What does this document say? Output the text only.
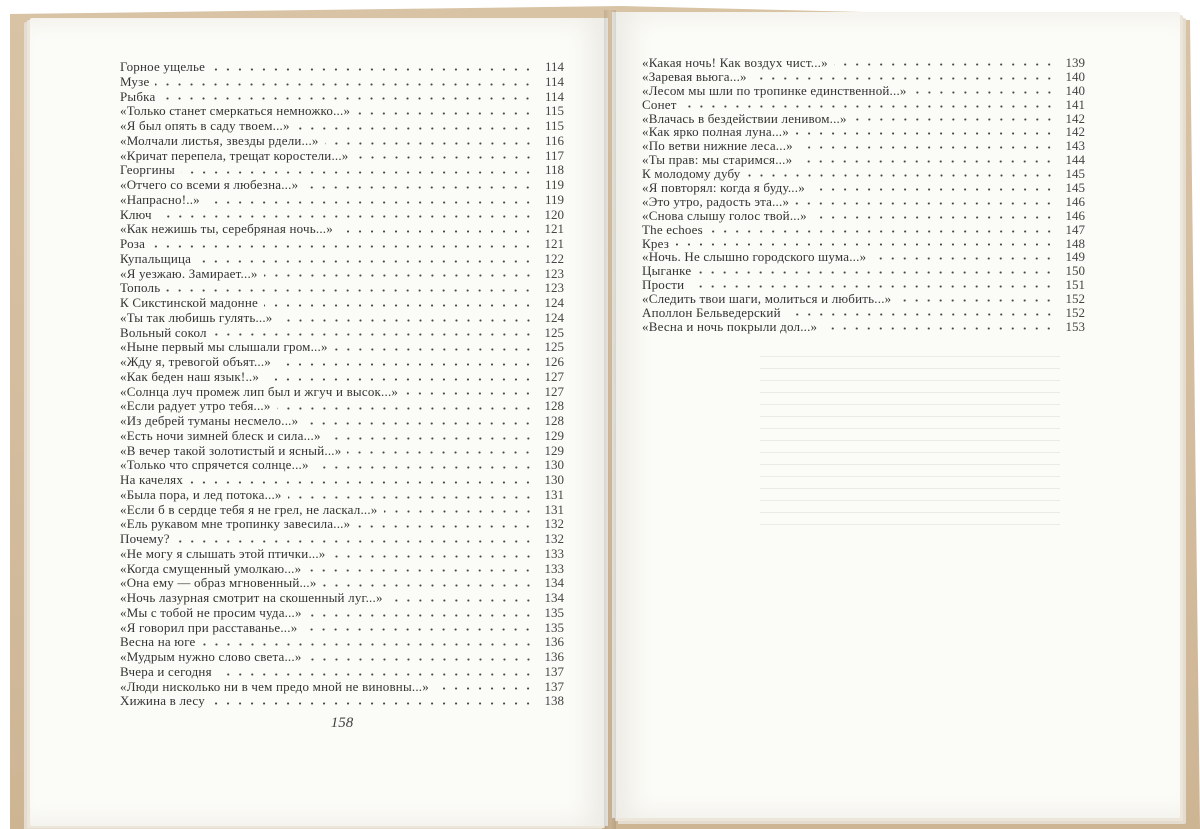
Горное ущелье	114
Музе	114
Рыбка	114
«Только станет смеркаться немножко...»	115
«Я был опять в саду твоем...»	115
«Молчали листья, звезды рдели...»	116
«Кричат перепела, трещат коростели...»	117
Георгины	118
«Отчего со всеми я любезна...»	119
«Напрасно!..»	119
Ключ	120
«Как нежишь ты, серебряная ночь...»	121
Роза	121
Купальщица	122
«Я уезжаю. Замирает...»	123
Тополь	123
К Сикстинской мадонне	124
«Ты так любишь гулять...»	124
Вольный сокол	125
«Ныне первый мы слышали гром...»	125
«Жду я, тревогой объят...»	126
«Как беден наш язык!..»	127
«Солнца луч промеж лип был и жгуч и высок...»	127
«Если радует утро тебя...»	128
«Из дебрей туманы несмело...»	128
«Есть ночи зимней блеск и сила...»	129
«В вечер такой золотистый и ясный...»	129
«Только что спрячется солнце...»	130
На качелях	130
«Была пора, и лед потока...»	131
«Если б в сердце тебя я не грел, не ласкал...»	131
«Ель рукавом мне тропинку завесила...»	132
Почему?	132
«Не могу я слышать этой птички...»	133
«Когда смущенный умолкаю...»	133
«Она ему — образ мгновенный...»	134
«Ночь лазурная смотрит на скошенный луг...»	134
«Мы с тобой не просим чуда...»	135
«Я говорил при расставанье...»	135
Весна на юге	136
«Мудрым нужно слово света...»	136
Вчера и сегодня	137
«Люди нисколько ни в чем предо мной не виновны...»	137
Хижина в лесу	138
«Какая ночь! Как воздух чист...»	139
«Заревая вьюга...»	140
«Лесом мы шли по тропинке единственной...»	140
Сонет	141
«Влачась в бездействии ленивом...»	142
«Как ярко полная луна...»	142
«По ветви нижние леса...»	143
«Ты прав: мы старимся...»	144
К молодому дубу	145
«Я повторял: когда я буду...»	145
«Это утро, радость эта...»	146
«Снова слышу голос твой...»	146
The echoes	147
Крез	148
«Ночь. Не слышно городского шума...»	149
Цыганке	150
Прости	151
«Следить твои шаги, молиться и любить...»	152
Аполлон Бельведерский	152
«Весна и ночь покрыли дол...»	153
158
